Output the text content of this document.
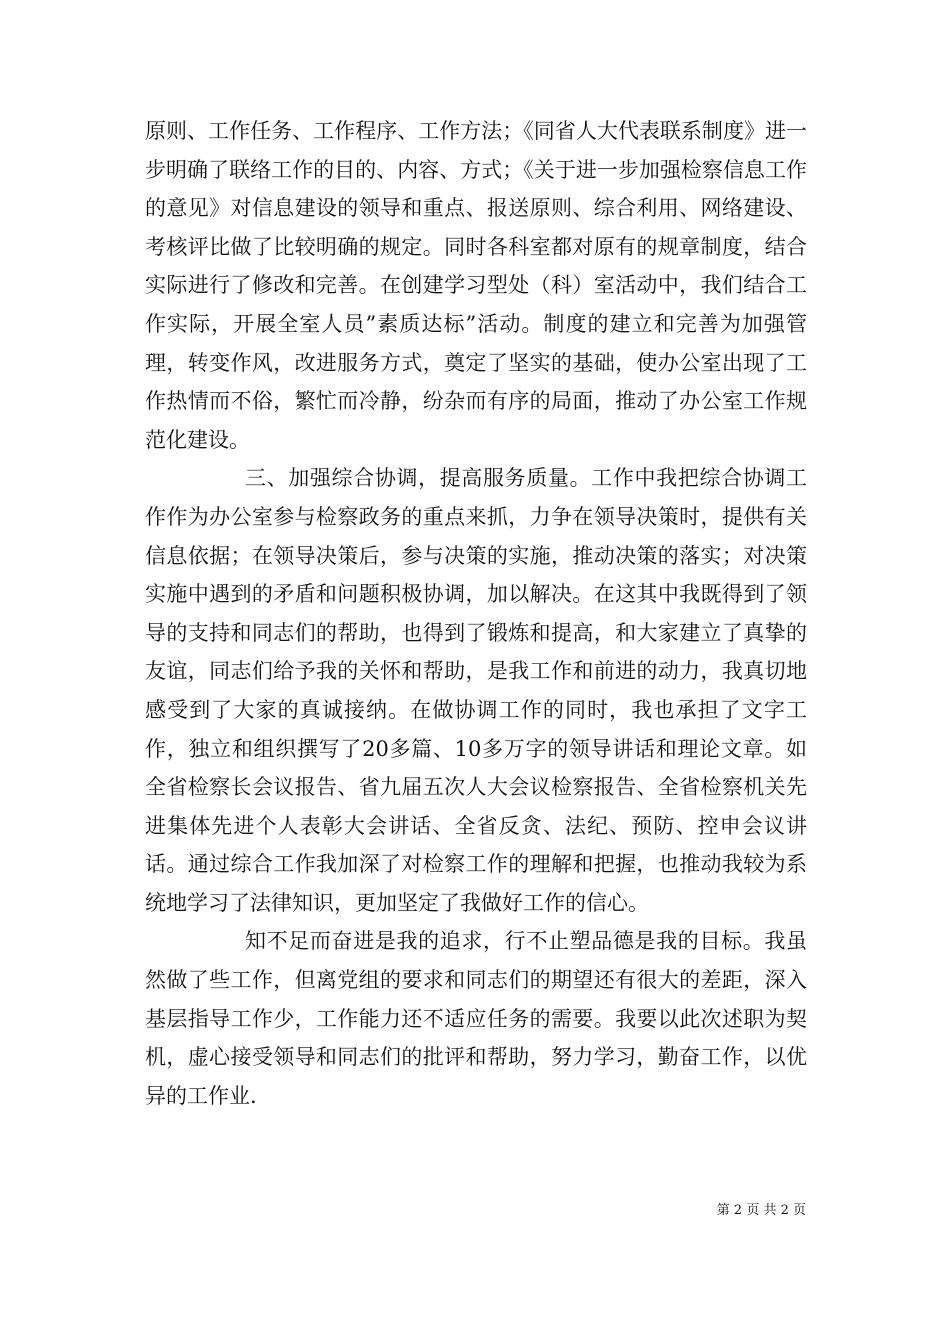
原则、工作任务、工作程序、工作方法；《同省人大代表联系制度》进一步明确了联络工作的目的、内容、方式；《关于进一步加强检察信息工作的意见》对信息建设的领导和重点、报送原则、综合利用、网络建设、考核评比做了比较明确的规定。同时各科室都对原有的规章制度，结合实际进行了修改和完善。在创建学习型处（科）室活动中，我们结合工作实际，开展全室人员”素质达标”活动。制度的建立和完善为加强管理，转变作风，改进服务方式，奠定了坚实的基础，使办公室出现了工作热情而不俗，繁忙而冷静，纷杂而有序的局面，推动了办公室工作规范化建设。

三、加强综合协调，提高服务质量。工作中我把综合协调工作作为办公室参与检察政务的重点来抓，力争在领导决策时，提供有关信息依据；在领导决策后，参与决策的实施，推动决策的落实；对决策实施中遇到的矛盾和问题积极协调，加以解决。在这其中我既得到了领导的支持和同志们的帮助，也得到了锻炼和提高，和大家建立了真挚的友谊，同志们给予我的关怀和帮助，是我工作和前进的动力，我真切地感受到了大家的真诚接纳。在做协调工作的同时，我也承担了文字工作，独立和组织撰写了20多篇、10多万字的领导讲话和理论文章。如全省检察长会议报告、省九届五次人大会议检察报告、全省检察机关先进集体先进个人表彰大会讲话、全省反贪、法纪、预防、控申会议讲话。通过综合工作我加深了对检察工作的理解和把握，也推动我较为系统地学习了法律知识，更加坚定了我做好工作的信心。

知不足而奋进是我的追求，行不止塑品德是我的目标。我虽然做了些工作，但离党组的要求和同志们的期望还有很大的差距，深入基层指导工作少，工作能力还不适应任务的需要。我要以此次述职为契机，虚心接受领导和同志们的批评和帮助，努力学习，勤奋工作，以优异的工作业.

第 2 页 共 2 页
